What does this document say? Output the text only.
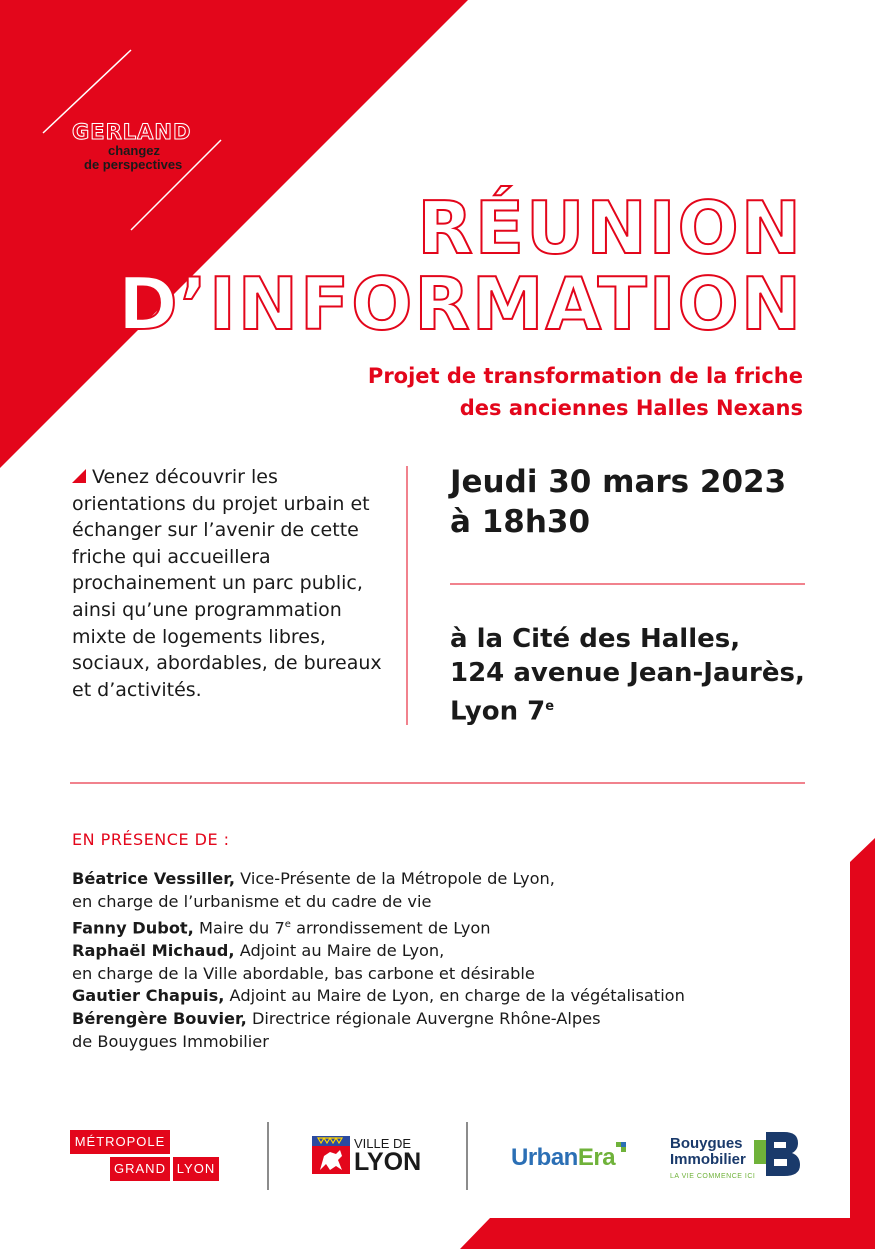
GERLAND
changez
de perspectives
RÉUNION
D’INFORMATION
Projet de transformation de la friche
des anciennes Halles Nexans
Venez découvrir les orientations du projet urbain et échanger sur l’avenir de cette friche qui accueillera prochainement un parc public, ainsi qu’une programmation mixte de logements libres, sociaux, abordables, de bureaux et d’activités.
Jeudi 30 mars 2023
à 18h30
à la Cité des Halles,
124 avenue Jean-Jaurès,
Lyon 7e
EN PRÉSENCE DE :
Béatrice Vessiller, Vice-Présente de la Métropole de Lyon,
en charge de l’urbanisme et du cadre de vie
Fanny Dubot, Maire du 7e arrondissement de Lyon
Raphaël Michaud, Adjoint au Maire de Lyon,
en charge de la Ville abordable, bas carbone et désirable
Gautier Chapuis, Adjoint au Maire de Lyon, en charge de la végétalisation
Bérengère Bouvier, Directrice régionale Auvergne Rhône-Alpes
de Bouygues Immobilier
MÉTROPOLE
GRAND LYON
VILLE DE
LYON	UrbanEra
Bouygues
Immobilier
LA VIE COMMENCE ICI
